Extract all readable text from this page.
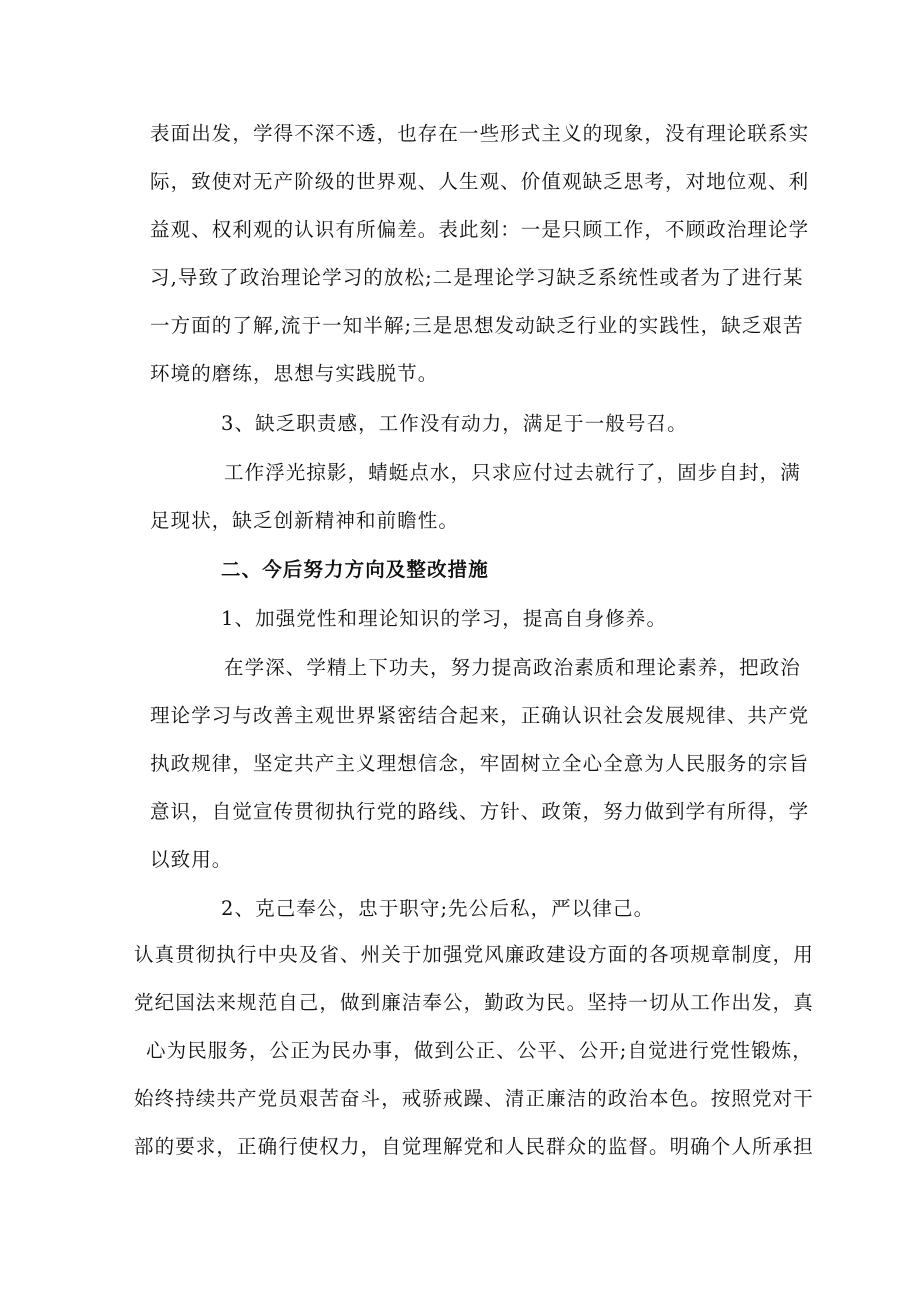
表面出发，学得不深不透，也存在一些形式主义的现象，没有理论联系实
际，致使对无产阶级的世界观、人生观、价值观缺乏思考，对地位观、利
益观、权利观的认识有所偏差。表此刻：一是只顾工作，不顾政治理论学
习,导致了政治理论学习的放松;二是理论学习缺乏系统性或者为了进行某
一方面的了解,流于一知半解;三是思想发动缺乏行业的实践性，缺乏艰苦
环境的磨练，思想与实践脱节。
3、缺乏职责感，工作没有动力，满足于一般号召。
工作浮光掠影，蜻蜓点水，只求应付过去就行了，固步自封，满
足现状，缺乏创新精神和前瞻性。
二、今后努力方向及整改措施
1、加强党性和理论知识的学习，提高自身修养。
在学深、学精上下功夫，努力提高政治素质和理论素养，把政治
理论学习与改善主观世界紧密结合起来，正确认识社会发展规律、共产党
执政规律，坚定共产主义理想信念，牢固树立全心全意为人民服务的宗旨
意识，自觉宣传贯彻执行党的路线、方针、政策，努力做到学有所得，学
以致用。
2、克己奉公，忠于职守;先公后私，严以律己。
认真贯彻执行中央及省、州关于加强党风廉政建设方面的各项规章制度，用
党纪国法来规范自己，做到廉洁奉公，勤政为民。坚持一切从工作出发，真
心为民服务，公正为民办事，做到公正、公平、公开;自觉进行党性锻炼，
始终持续共产党员艰苦奋斗，戒骄戒躁、清正廉洁的政治本色。按照党对干
部的要求，正确行使权力，自觉理解党和人民群众的监督。明确个人所承担
